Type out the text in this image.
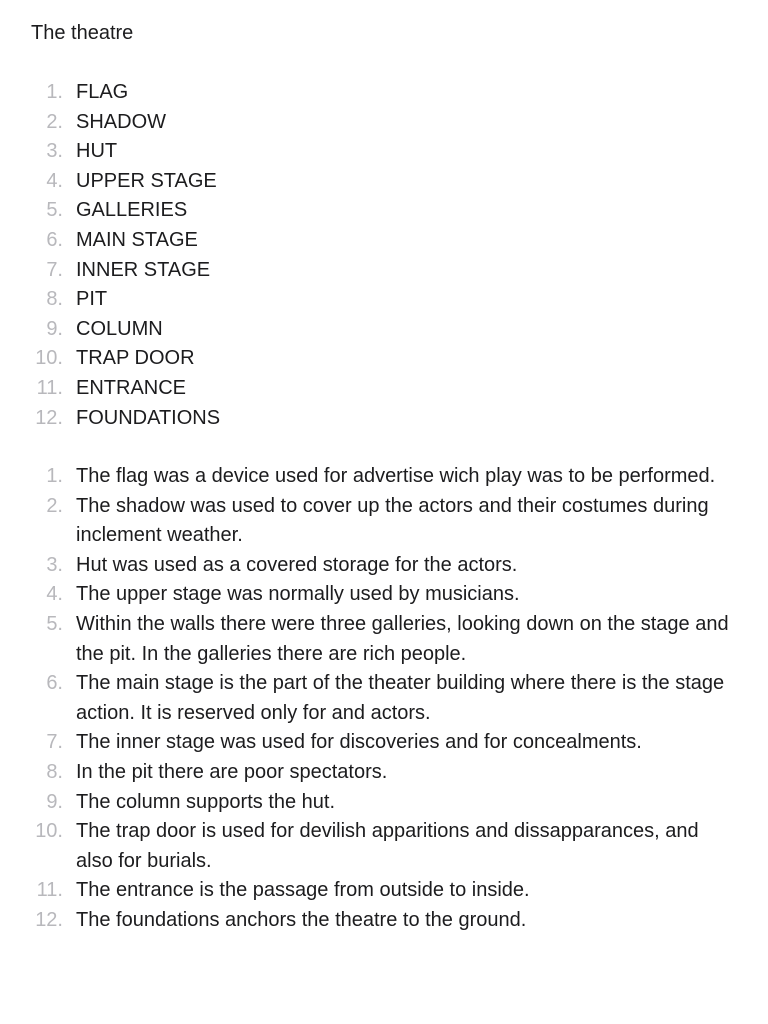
The theatre
1. FLAG
2. SHADOW
3. HUT
4. UPPER STAGE
5. GALLERIES
6. MAIN STAGE
7. INNER STAGE
8. PIT
9. COLUMN
10. TRAP DOOR
11. ENTRANCE
12. FOUNDATIONS
1. The flag was a device used for advertise wich play was to be performed.
2. The shadow was used to cover up the actors and their costumes during inclement weather.
3. Hut was used as a covered storage for the actors.
4. The upper stage was normally used by musicians.
5. Within the walls there were three galleries, looking down on the stage and the pit. In the galleries there are rich people.
6. The main stage is the part of the theater building where there is the stage action. It is reserved only for and actors.
7. The inner stage was used for discoveries and for concealments.
8. In the pit there are poor spectators.
9. The column supports the hut.
10. The trap door is used for devilish apparitions and dissapparances, and also for burials.
11. The entrance is the passage from outside to inside.
12. The foundations anchors the theatre to the ground.
